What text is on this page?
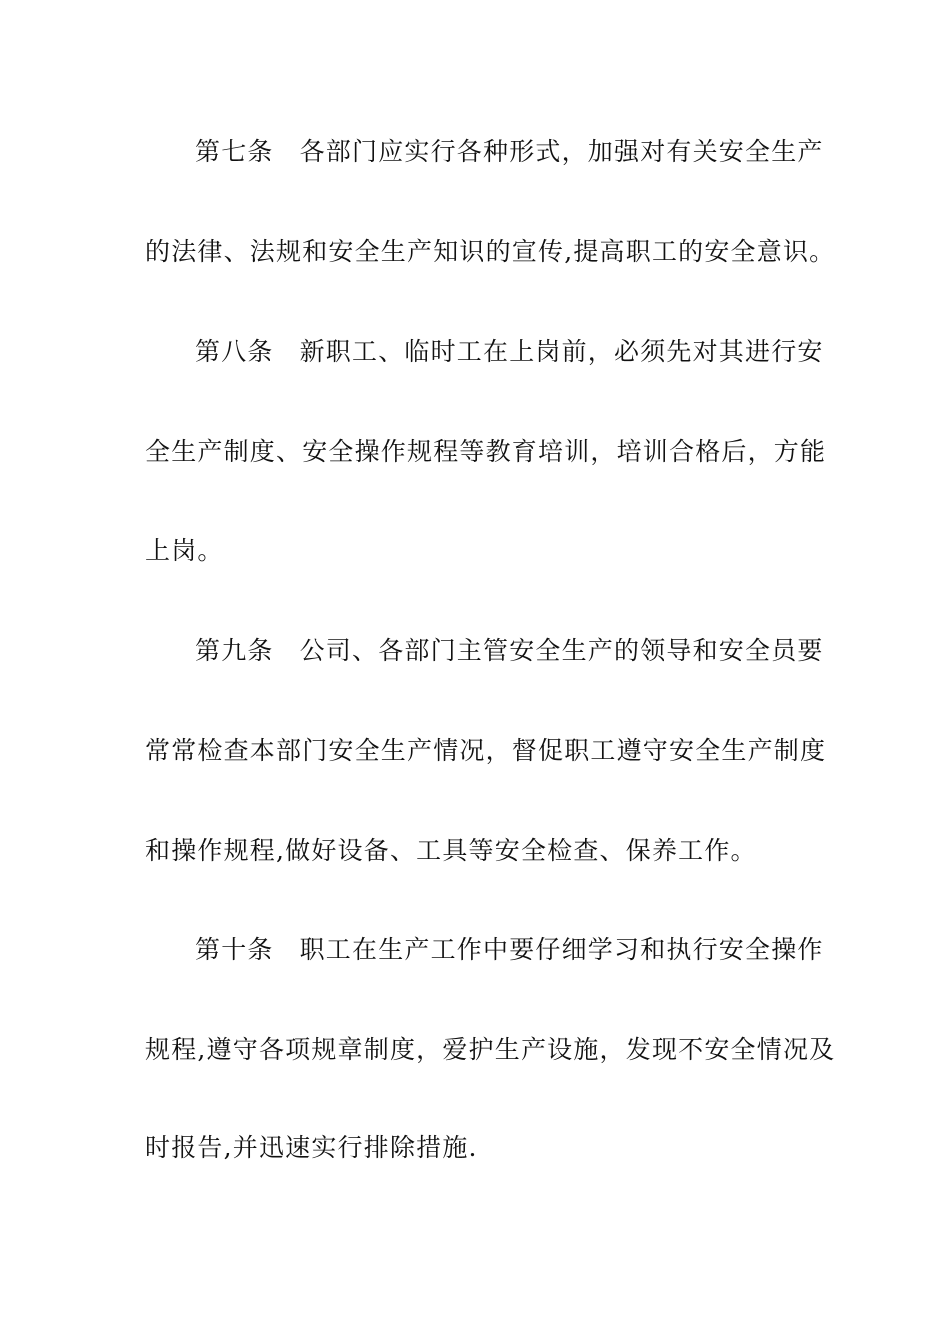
第七条 各部门应实行各种形式，加强对有关安全生产
的法律、法规和安全生产知识的宣传,提高职工的安全意识。
第八条 新职工、临时工在上岗前，必须先对其进行安
全生产制度、安全操作规程等教育培训，培训合格后，方能
上岗。
第九条 公司、各部门主管安全生产的领导和安全员要
常常检查本部门安全生产情况，督促职工遵守安全生产制度
和操作规程,做好设备、工具等安全检查、保养工作。
第十条 职工在生产工作中要仔细学习和执行安全操作
规程,遵守各项规章制度，爱护生产设施，发现不安全情况及
时报告,并迅速实行排除措施.
